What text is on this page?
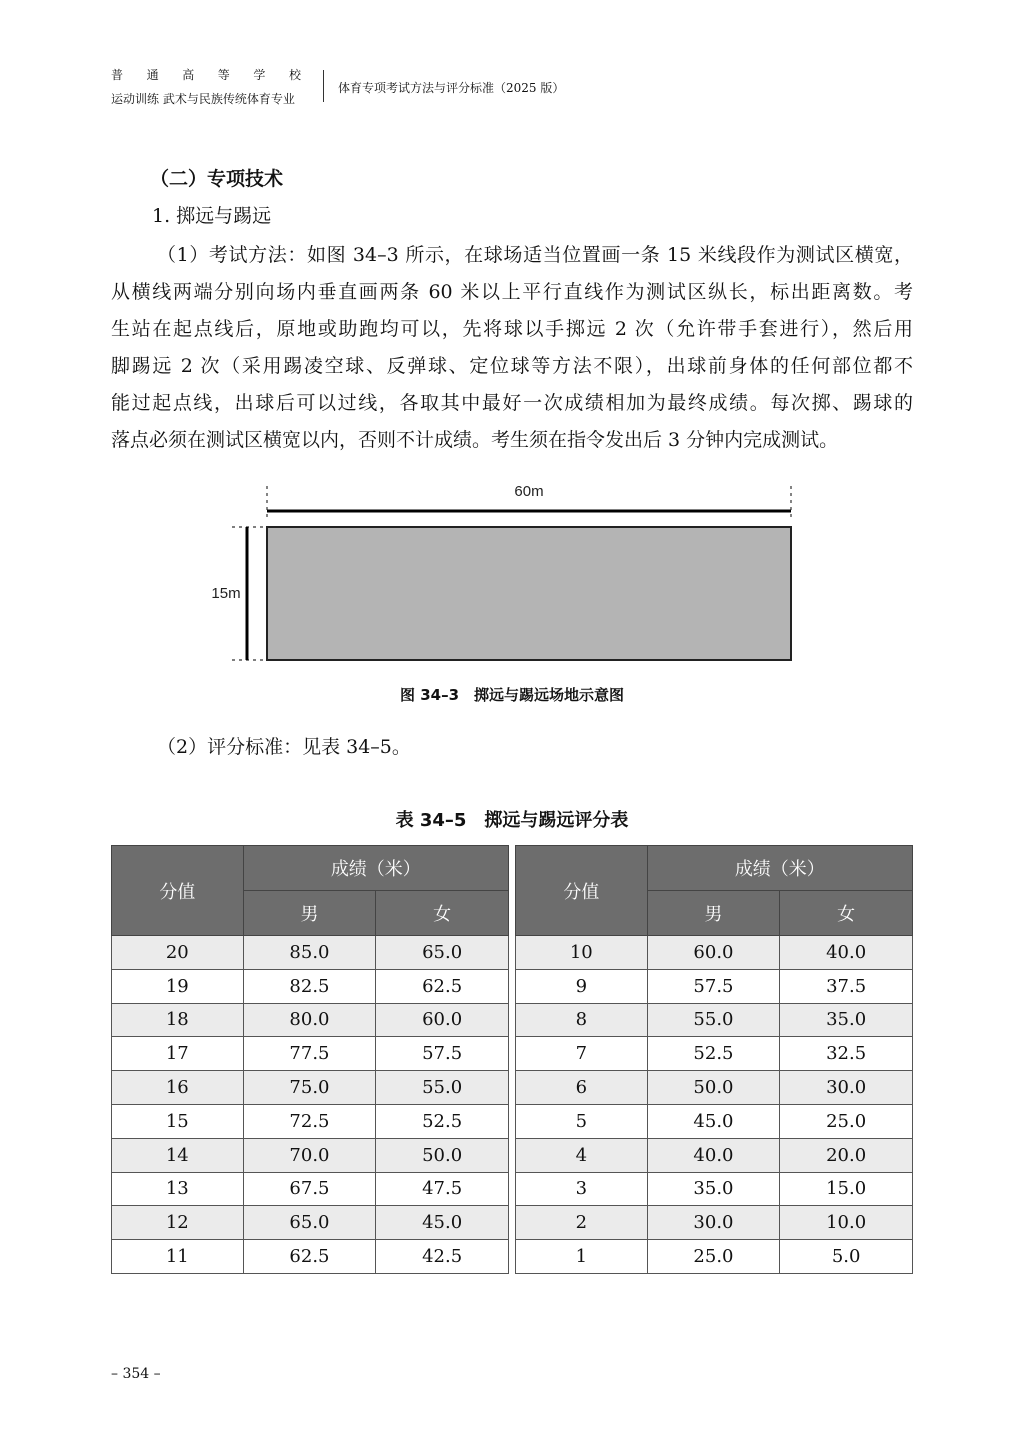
普 通 高 等 学 校
运动训练 武术与民族传统体育专业
体育专项考试方法与评分标准（2025 版）
（二）专项技术
1. 掷远与踢远
（1）考试方法：如图 34–3 所示，在球场适当位置画一条 15 米线段作为测试区横宽，
从横线两端分别向场内垂直画两条 60 米以上平行直线作为测试区纵长，标出距离数。考
生站在起点线后，原地或助跑均可以，先将球以手掷远 2 次（允许带手套进行），然后用
脚踢远 2 次（采用踢凌空球、反弹球、定位球等方法不限），出球前身体的任何部位都不
能过起点线，出球后可以过线，各取其中最好一次成绩相加为最终成绩。每次掷、踢球的
落点必须在测试区横宽以内，否则不计成绩。考生须在指令发出后 3 分钟内完成测试。
60m
15m
图 34–3　掷远与踢远场地示意图
（2）评分标准：见表 34–5。
表 34–5　掷远与踢远评分表
分值	成绩（米）	
	男	女
20	85.0	65.0
19	82.5	62.5
18	80.0	60.0
17	77.5	57.5
16	75.0	55.0
15	72.5	52.5
14	70.0	50.0
13	67.5	47.5
12	65.0	45.0
11	62.5	42.5
分值	成绩（米）	
	男	女
10	60.0	40.0
9	57.5	37.5
8	55.0	35.0
7	52.5	32.5
6	50.0	30.0
5	45.0	25.0
4	40.0	20.0
3	35.0	15.0
2	30.0	10.0
1	25.0	5.0
– 354 –
